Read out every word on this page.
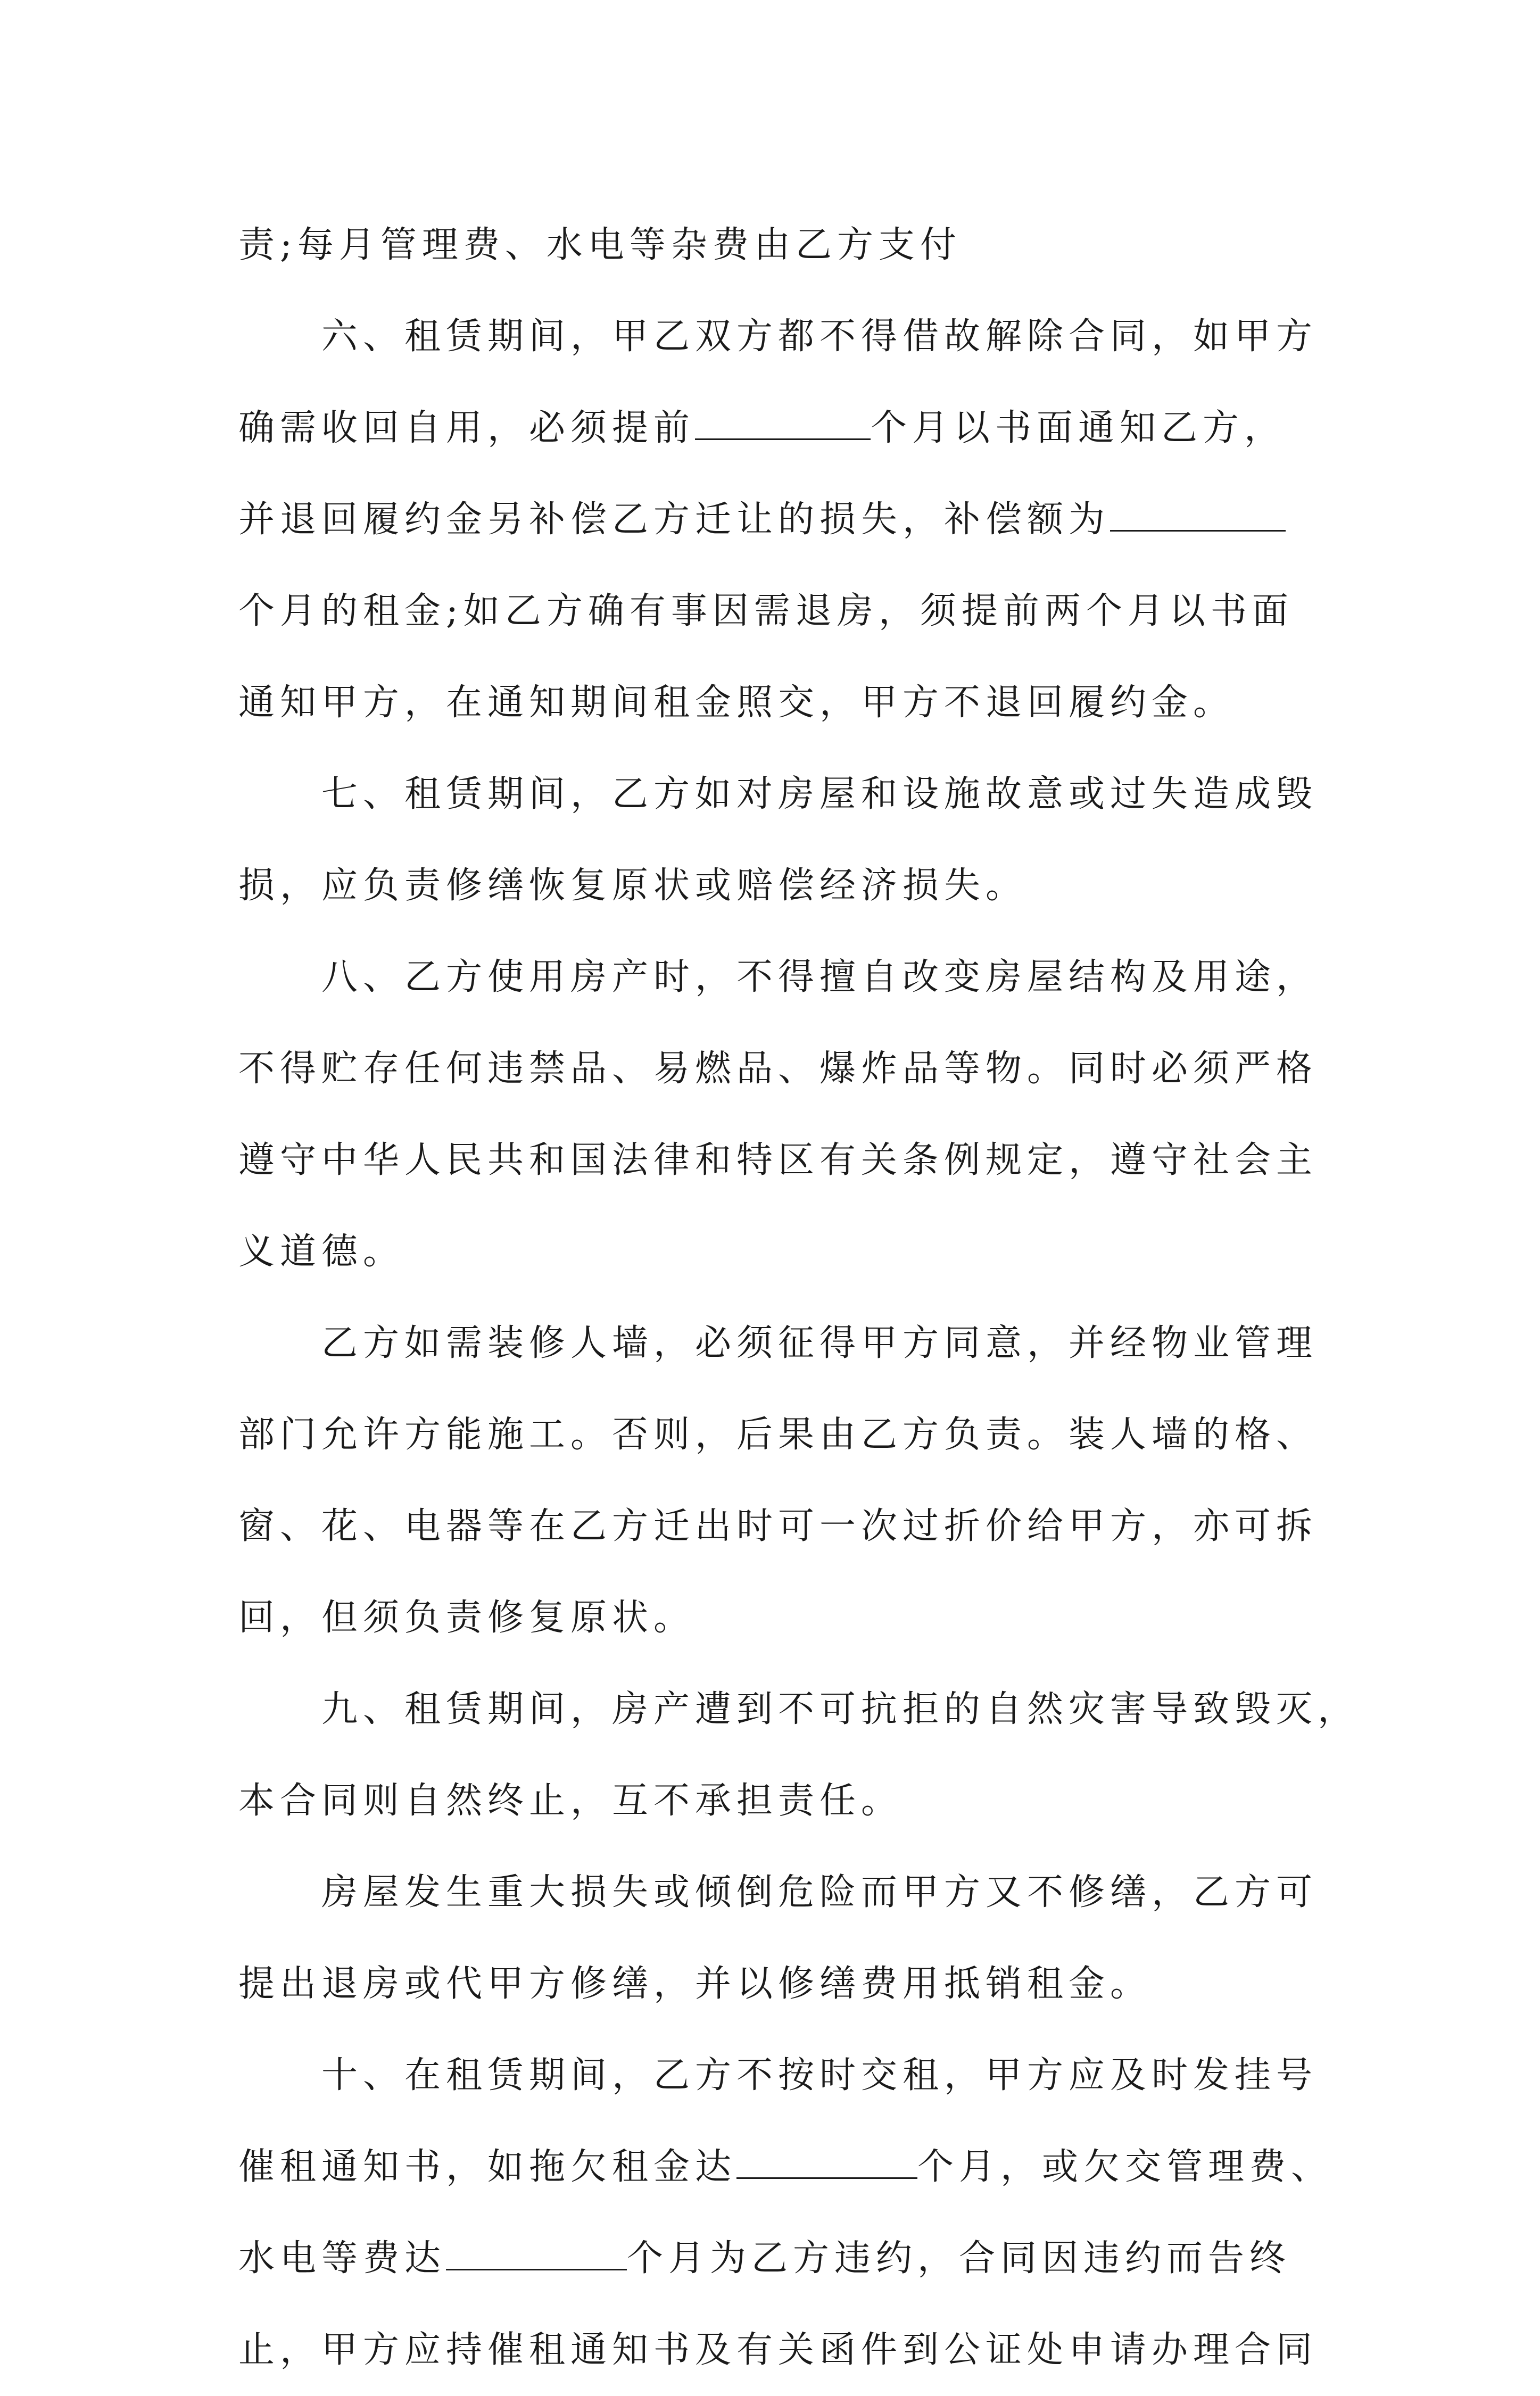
责;每月管理费、水电等杂费由乙方支付
六、租赁期间，甲乙双方都不得借故解除合同，如甲方
确需收回自用，必须提前	个月以书面通知乙方，
并退回履约金另补偿乙方迁让的损失，补偿额为
个月的租金;如乙方确有事因需退房，须提前两个月以书面
通知甲方，在通知期间租金照交，甲方不退回履约金。
七、租赁期间，乙方如对房屋和设施故意或过失造成毁
损，应负责修缮恢复原状或赔偿经济损失。
八、乙方使用房产时，不得擅自改变房屋结构及用途，
不得贮存任何违禁品、易燃品、爆炸品等物。同时必须严格
遵守中华人民共和国法律和特区有关条例规定，遵守社会主
义道德。
乙方如需装修人墙，必须征得甲方同意，并经物业管理
部门允许方能施工。否则，后果由乙方负责。装人墙的格、
窗、花、电器等在乙方迁出时可一次过折价给甲方，亦可拆
回，但须负责修复原状。
九、租赁期间，房产遭到不可抗拒的自然灾害导致毁灭，
本合同则自然终止，互不承担责任。
房屋发生重大损失或倾倒危险而甲方又不修缮，乙方可
提出退房或代甲方修缮，并以修缮费用抵销租金。
十、在租赁期间，乙方不按时交租，甲方应及时发挂号
催租通知书，如拖欠租金达	个月，或欠交管理费、
水电等费达	个月为乙方违约，合同因违约而告终
止，甲方应持催租通知书及有关函件到公证处申请办理合同
